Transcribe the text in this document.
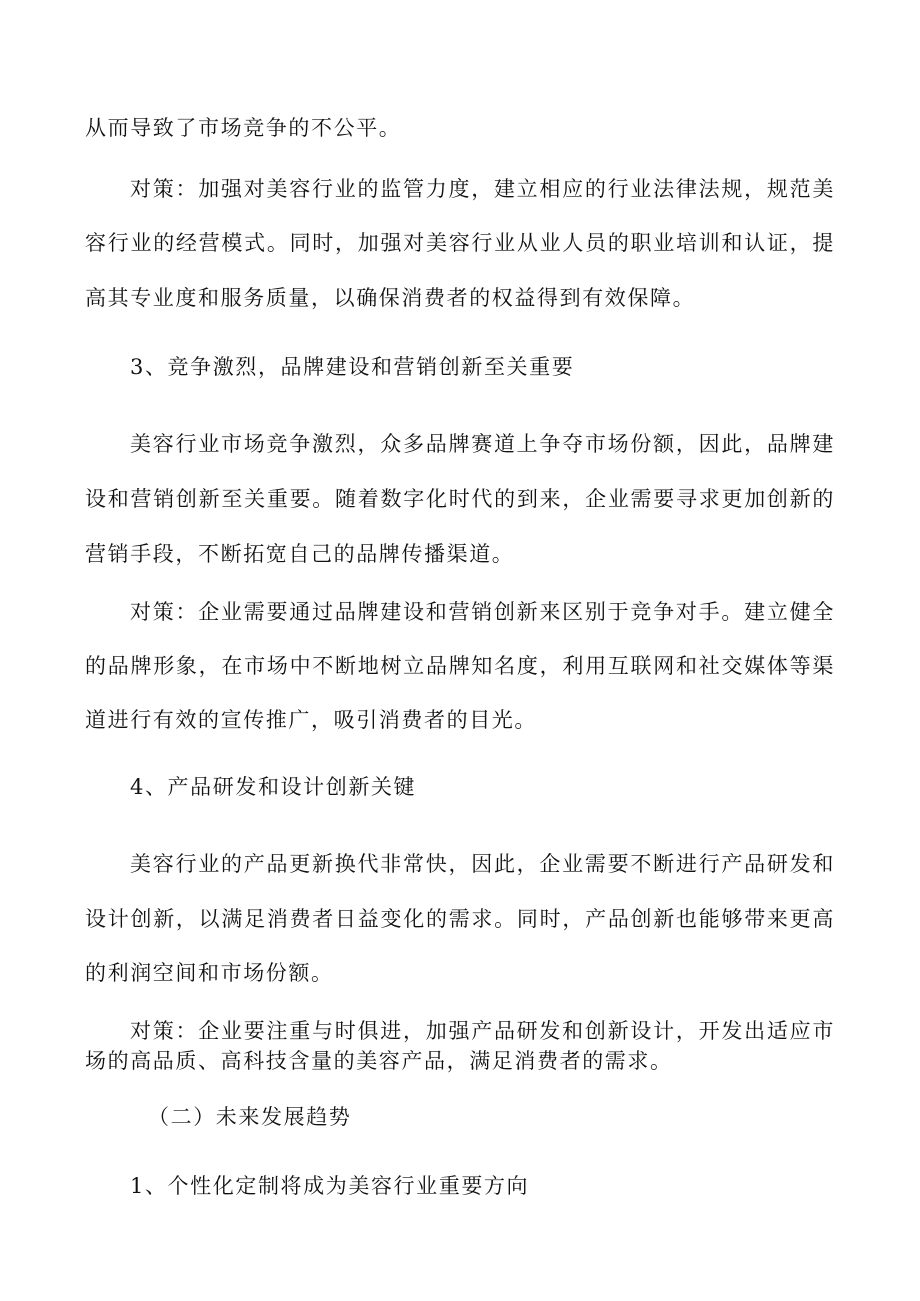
从而导致了市场竞争的不公平。
对策：加强对美容行业的监管力度，建立相应的行业法律法规，规范美
容行业的经营模式。同时，加强对美容行业从业人员的职业培训和认证，提
高其专业度和服务质量，以确保消费者的权益得到有效保障。
3、竞争激烈，品牌建设和营销创新至关重要
美容行业市场竞争激烈，众多品牌赛道上争夺市场份额，因此，品牌建
设和营销创新至关重要。随着数字化时代的到来，企业需要寻求更加创新的
营销手段，不断拓宽自己的品牌传播渠道。
对策：企业需要通过品牌建设和营销创新来区别于竞争对手。建立健全
的品牌形象，在市场中不断地树立品牌知名度，利用互联网和社交媒体等渠
道进行有效的宣传推广，吸引消费者的目光。
4、产品研发和设计创新关键
美容行业的产品更新换代非常快，因此，企业需要不断进行产品研发和
设计创新，以满足消费者日益变化的需求。同时，产品创新也能够带来更高
的利润空间和市场份额。
对策：企业要注重与时俱进，加强产品研发和创新设计，开发出适应市
场的高品质、高科技含量的美容产品，满足消费者的需求。
（二）未来发展趋势
1、个性化定制将成为美容行业重要方向
